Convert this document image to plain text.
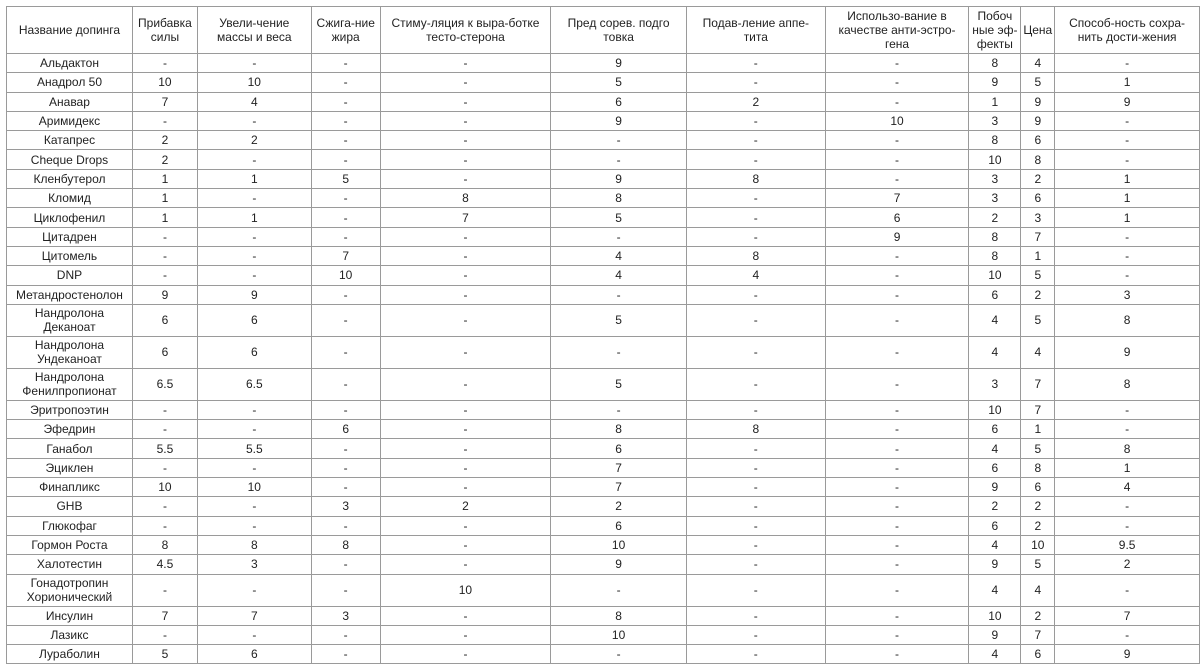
Название допинга	Прибавка силы	Увели-чение массы и веса	Сжига-ние жира	Стиму-ляция к выра-ботке тесто-стерона	Пред сорев. подго товка	Подав-ление аппе- тита	Использо-вание в качестве анти-эстро-гена	Побоч ные эф-фекты	Цена	Способ-ность сохра-нить дости-жения
Альдактон	-	-	-	-	9	-	-	8	4	-
Анадрол 50	10	10	-	-	5	-	-	9	5	1
Анавар	7	4	-	-	6	2	-	1	9	9
Аримидекс	-	-	-	-	9	-	10	3	9	-
Катапрес	2	2	-	-	-	-	-	8	6	-
Cheque Drops	2	-	-	-	-	-	-	10	8	-
Кленбутерол	1	1	5	-	9	8	-	3	2	1
Кломид	1	-	-	8	8	-	7	3	6	1
Циклофенил	1	1	-	7	5	-	6	2	3	1
Цитадрен	-	-	-	-	-	-	9	8	7	-
Цитомель	-	-	7	-	4	8	-	8	1	-
DNP	-	-	10	-	4	4	-	10	5	-
Метандростенолон	9	9	-	-	-	-	-	6	2	3
Нандролона Деканоат	6	6	-	-	5	-	-	4	5	8
Нандролона Ундеканоат	6	6	-	-	-	-	-	4	4	9
Нандролона Фенилпропионат	6.5	6.5	-	-	5	-	-	3	7	8
Эритропоэтин	-	-	-	-	-	-	-	10	7	-
Эфедрин	-	-	6	-	8	8	-	6	1	-
Ганабол	5.5	5.5	-	-	6	-	-	4	5	8
Эциклен	-	-	-	-	7	-	-	6	8	1
Финапликс	10	10	-	-	7	-	-	9	6	4
GHB	-	-	3	2	2	-	-	2	2	-
Глюкофаг	-	-	-	-	6	-	-	6	2	-
Гормон Роста	8	8	8	-	10	-	-	4	10	9.5
Халотестин	4.5	3	-	-	9	-	-	9	5	2
Гонадотропин Хорионический	-	-	-	10	-	-	-	4	4	-
Инсулин	7	7	3	-	8	-	-	10	2	7
Лазикс	-	-	-	-	10	-	-	9	7	-
Лураболин	5	6	-	-	-	-	-	4	6	9
